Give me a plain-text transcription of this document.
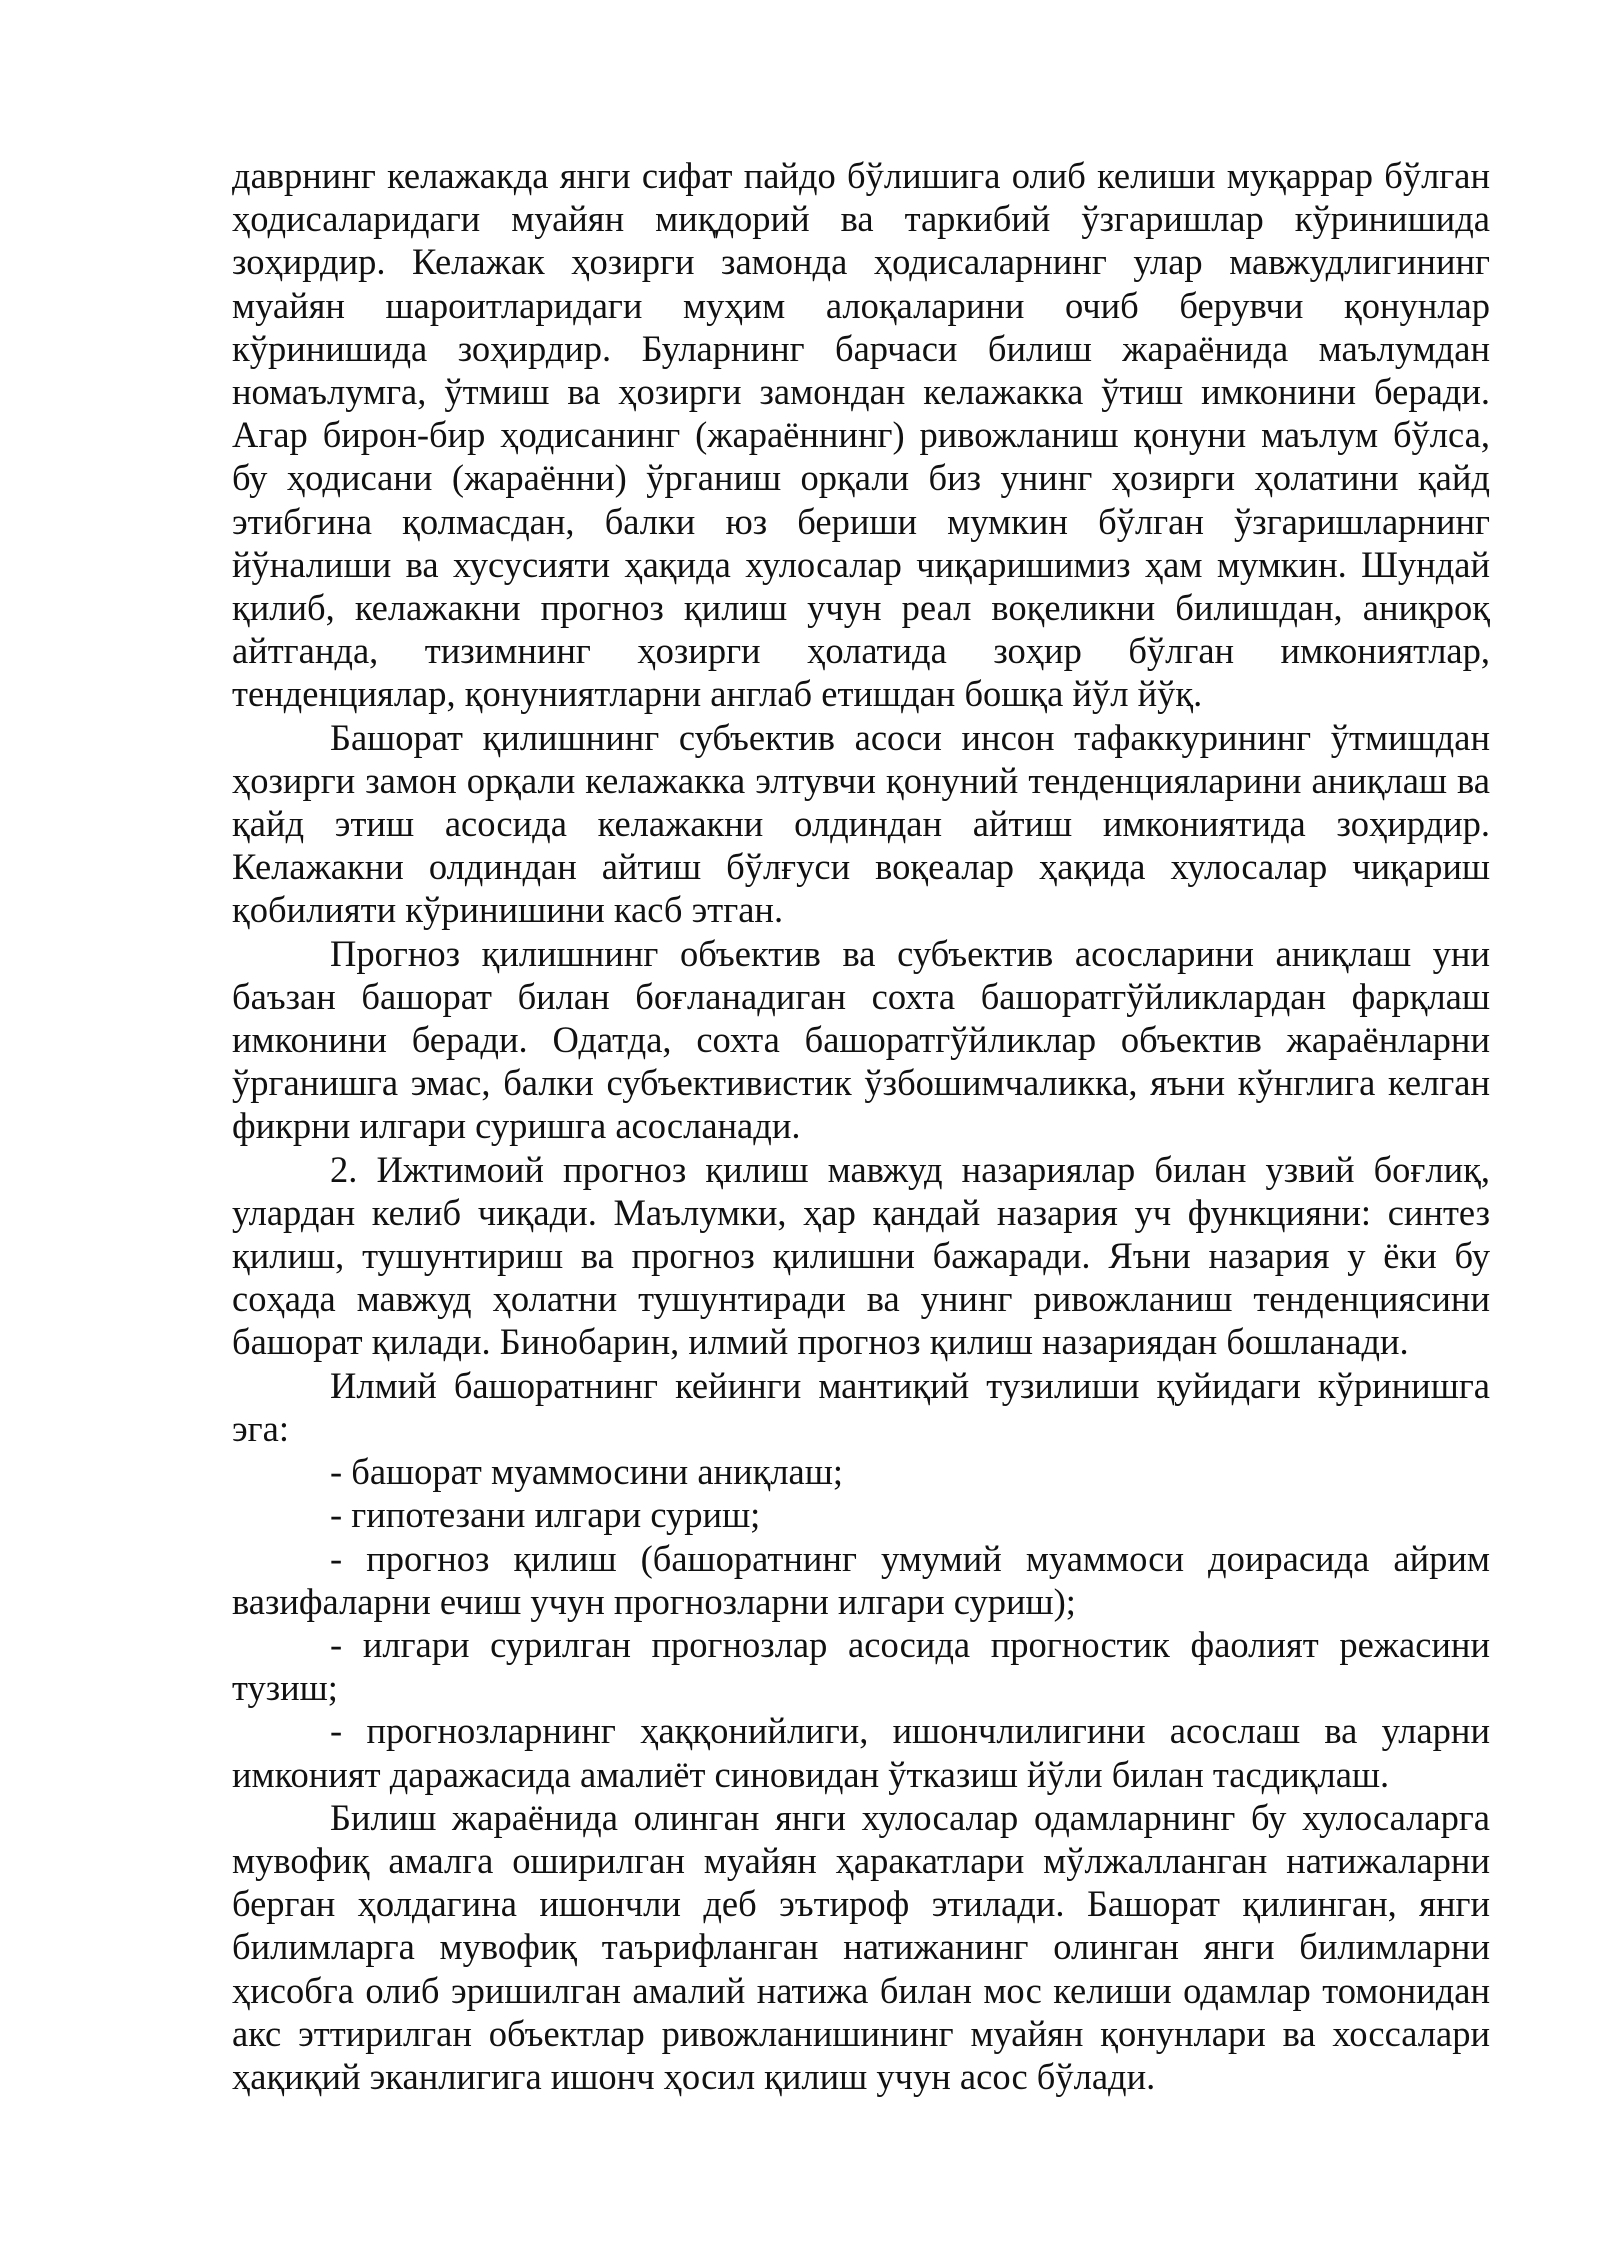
даврнинг келажакда янги сифат пайдо бўлишига олиб келиши муқаррар бўлган ҳодисаларидаги муайян миқдорий ва таркибий ўзгаришлар кўринишида зоҳирдир. Келажак ҳозирги замонда ҳодисаларнинг улар мавжудлигининг муайян шароитларидаги муҳим алоқаларини очиб берувчи қонунлар кўринишида зоҳирдир. Буларнинг барчаси билиш жараёнида маълумдан номаълумга, ўтмиш ва ҳозирги замондан келажакка ўтиш имконини беради. Агар бирон-бир ҳодисанинг (жараённинг) ривожланиш қонуни маълум бўлса, бу ҳодисани (жараённи) ўрганиш орқали биз унинг ҳозирги ҳолатини қайд этибгина қолмасдан, балки юз бериши мумкин бўлган ўзгаришларнинг йўналиши ва хусусияти ҳақида хулосалар чиқаришимиз ҳам мумкин. Шундай қилиб, келажакни прогноз қилиш учун реал воқеликни билишдан, аниқроқ айтганда, тизимнинг ҳозирги ҳолатида зоҳир бўлган имкониятлар, тенденциялар, қонуниятларни англаб етишдан бошқа йўл йўқ.

Башорат қилишнинг субъектив асоси инсон тафаккурининг ўтмишдан ҳозирги замон орқали келажакка элтувчи қонуний тенденцияларини аниқлаш ва қайд этиш асосида келажакни олдиндан айтиш имкониятида зоҳирдир. Келажакни олдиндан айтиш бўлғуси воқеалар ҳақида хулосалар чиқариш қобилияти кўринишини касб этган.

Прогноз қилишнинг объектив ва субъектив асосларини аниқлаш уни баъзан башорат билан боғланадиган сохта башоратгўйликлардан фарқлаш имконини беради. Одатда, сохта башоратгўйликлар объектив жараёнларни ўрганишга эмас, балки субъективистик ўзбошимчаликка, яъни кўнглига келган фикрни илгари суришга асосланади.

2. Ижтимоий прогноз қилиш мавжуд назариялар билан узвий боғлиқ, улардан келиб чиқади. Маълумки, ҳар қандай назария уч функцияни: синтез қилиш, тушунтириш ва прогноз қилишни бажаради. Яъни назария у ёки бу соҳада мавжуд ҳолатни тушунтиради ва унинг ривожланиш тенденциясини башорат қилади. Бинобарин, илмий прогноз қилиш назариядан бошланади.

Илмий башоратнинг кейинги мантиқий тузилиши қуйидаги кўринишга эга:

- башорат муаммосини аниқлаш;

- гипотезани илгари суриш;

- прогноз қилиш (башоратнинг умумий муаммоси доирасида айрим вазифаларни ечиш учун прогнозларни илгари суриш);

- илгари сурилган прогнозлар асосида прогностик фаолият режасини тузиш;

- прогнозларнинг ҳаққонийлиги, ишончлилигини асослаш ва уларни имконият даражасида амалиёт синовидан ўтказиш йўли билан тасдиқлаш.

Билиш жараёнида олинган янги хулосалар одамларнинг бу хулосаларга мувофиқ амалга оширилган муайян ҳаракатлари мўлжалланган натижаларни берган ҳолдагина ишончли деб эътироф этилади. Башорат қилинган, янги билимларга мувофиқ таърифланган натижанинг олинган янги билимларни ҳисобга олиб эришилган амалий натижа билан мос келиши одамлар томонидан акс эттирилган объектлар ривожланишининг муайян қонунлари ва хоссалари ҳақиқий эканлигига ишонч ҳосил қилиш учун асос бўлади.
